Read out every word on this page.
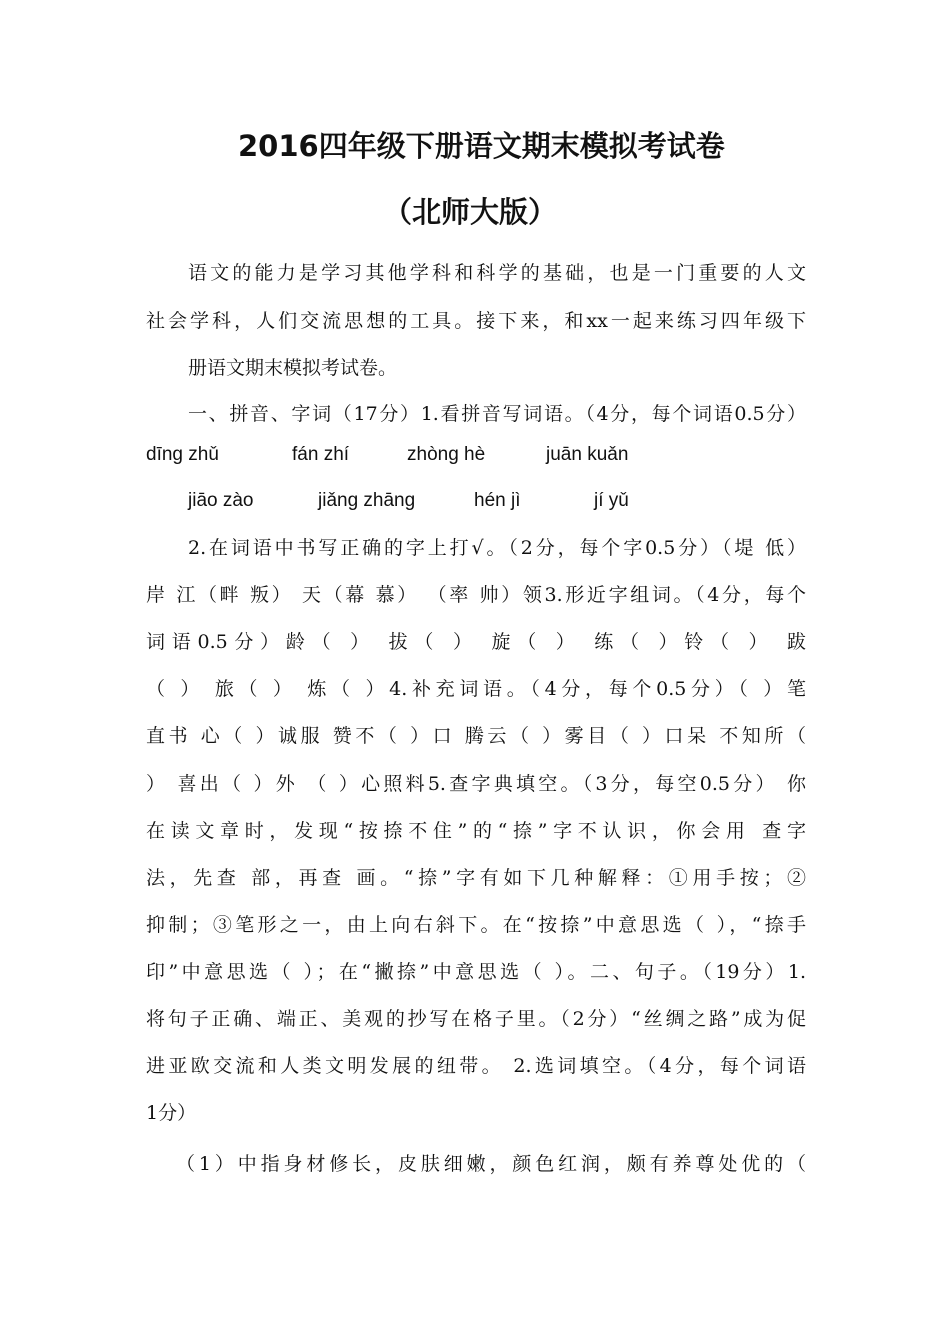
2016四年级下册语文期末模拟考试卷
（北师大版）
语文的能力是学习其他学科和科学的基础，也是一门重要的人文
社会学科，人们交流思想的工具。接下来，和xx一起来练习四年级下
册语文期末模拟考试卷。
一、拼音、字词（17分）1.看拼音写词语。（4分，每个词语0.5分）
dīng zhǔ	fán zhí	zhòng hè	juān kuǎn
jiāo zào	jiǎng zhāng	hén jì	jí yǔ
2.在词语中书写正确的字上打√。（2分，每个字0.5分）（堤 低）
岸 江（畔 叛） 天（幕 慕） （率 帅）领3.形近字组词。（4分，每个
词语0.5分）龄（ ） 拔（ ） 旋（ ） 练（ ）铃（ ） 跋
（ ） 旅（ ） 炼（ ）4.补充词语。（4分，每个0.5分）（ ）笔
直书 心（ ）诚服 赞不（ ）口 腾云（ ）雾目（ ）口呆 不知所（
） 喜出（ ）外 （ ）心照料5.查字典填空。（3分，每空0.5分） 你
在读文章时，发现“按捺不住”的“捺”字不认识，你会用 查字
法，先查 部，再查 画。“捺”字有如下几种解释：①用手按；②
抑制；③笔形之一，由上向右斜下。在“按捺”中意思选（ ），“捺手
印”中意思选（ ）；在“撇捺”中意思选（ ）。二、句子。（19分）1.
将句子正确、端正、美观的抄写在格子里。（2分）“丝绸之路”成为促
进亚欧交流和人类文明发展的纽带。 2.选词填空。（4分，每个词语
1分）
（1）中指身材修长，皮肤细嫩，颜色红润，颇有养尊处优的（
